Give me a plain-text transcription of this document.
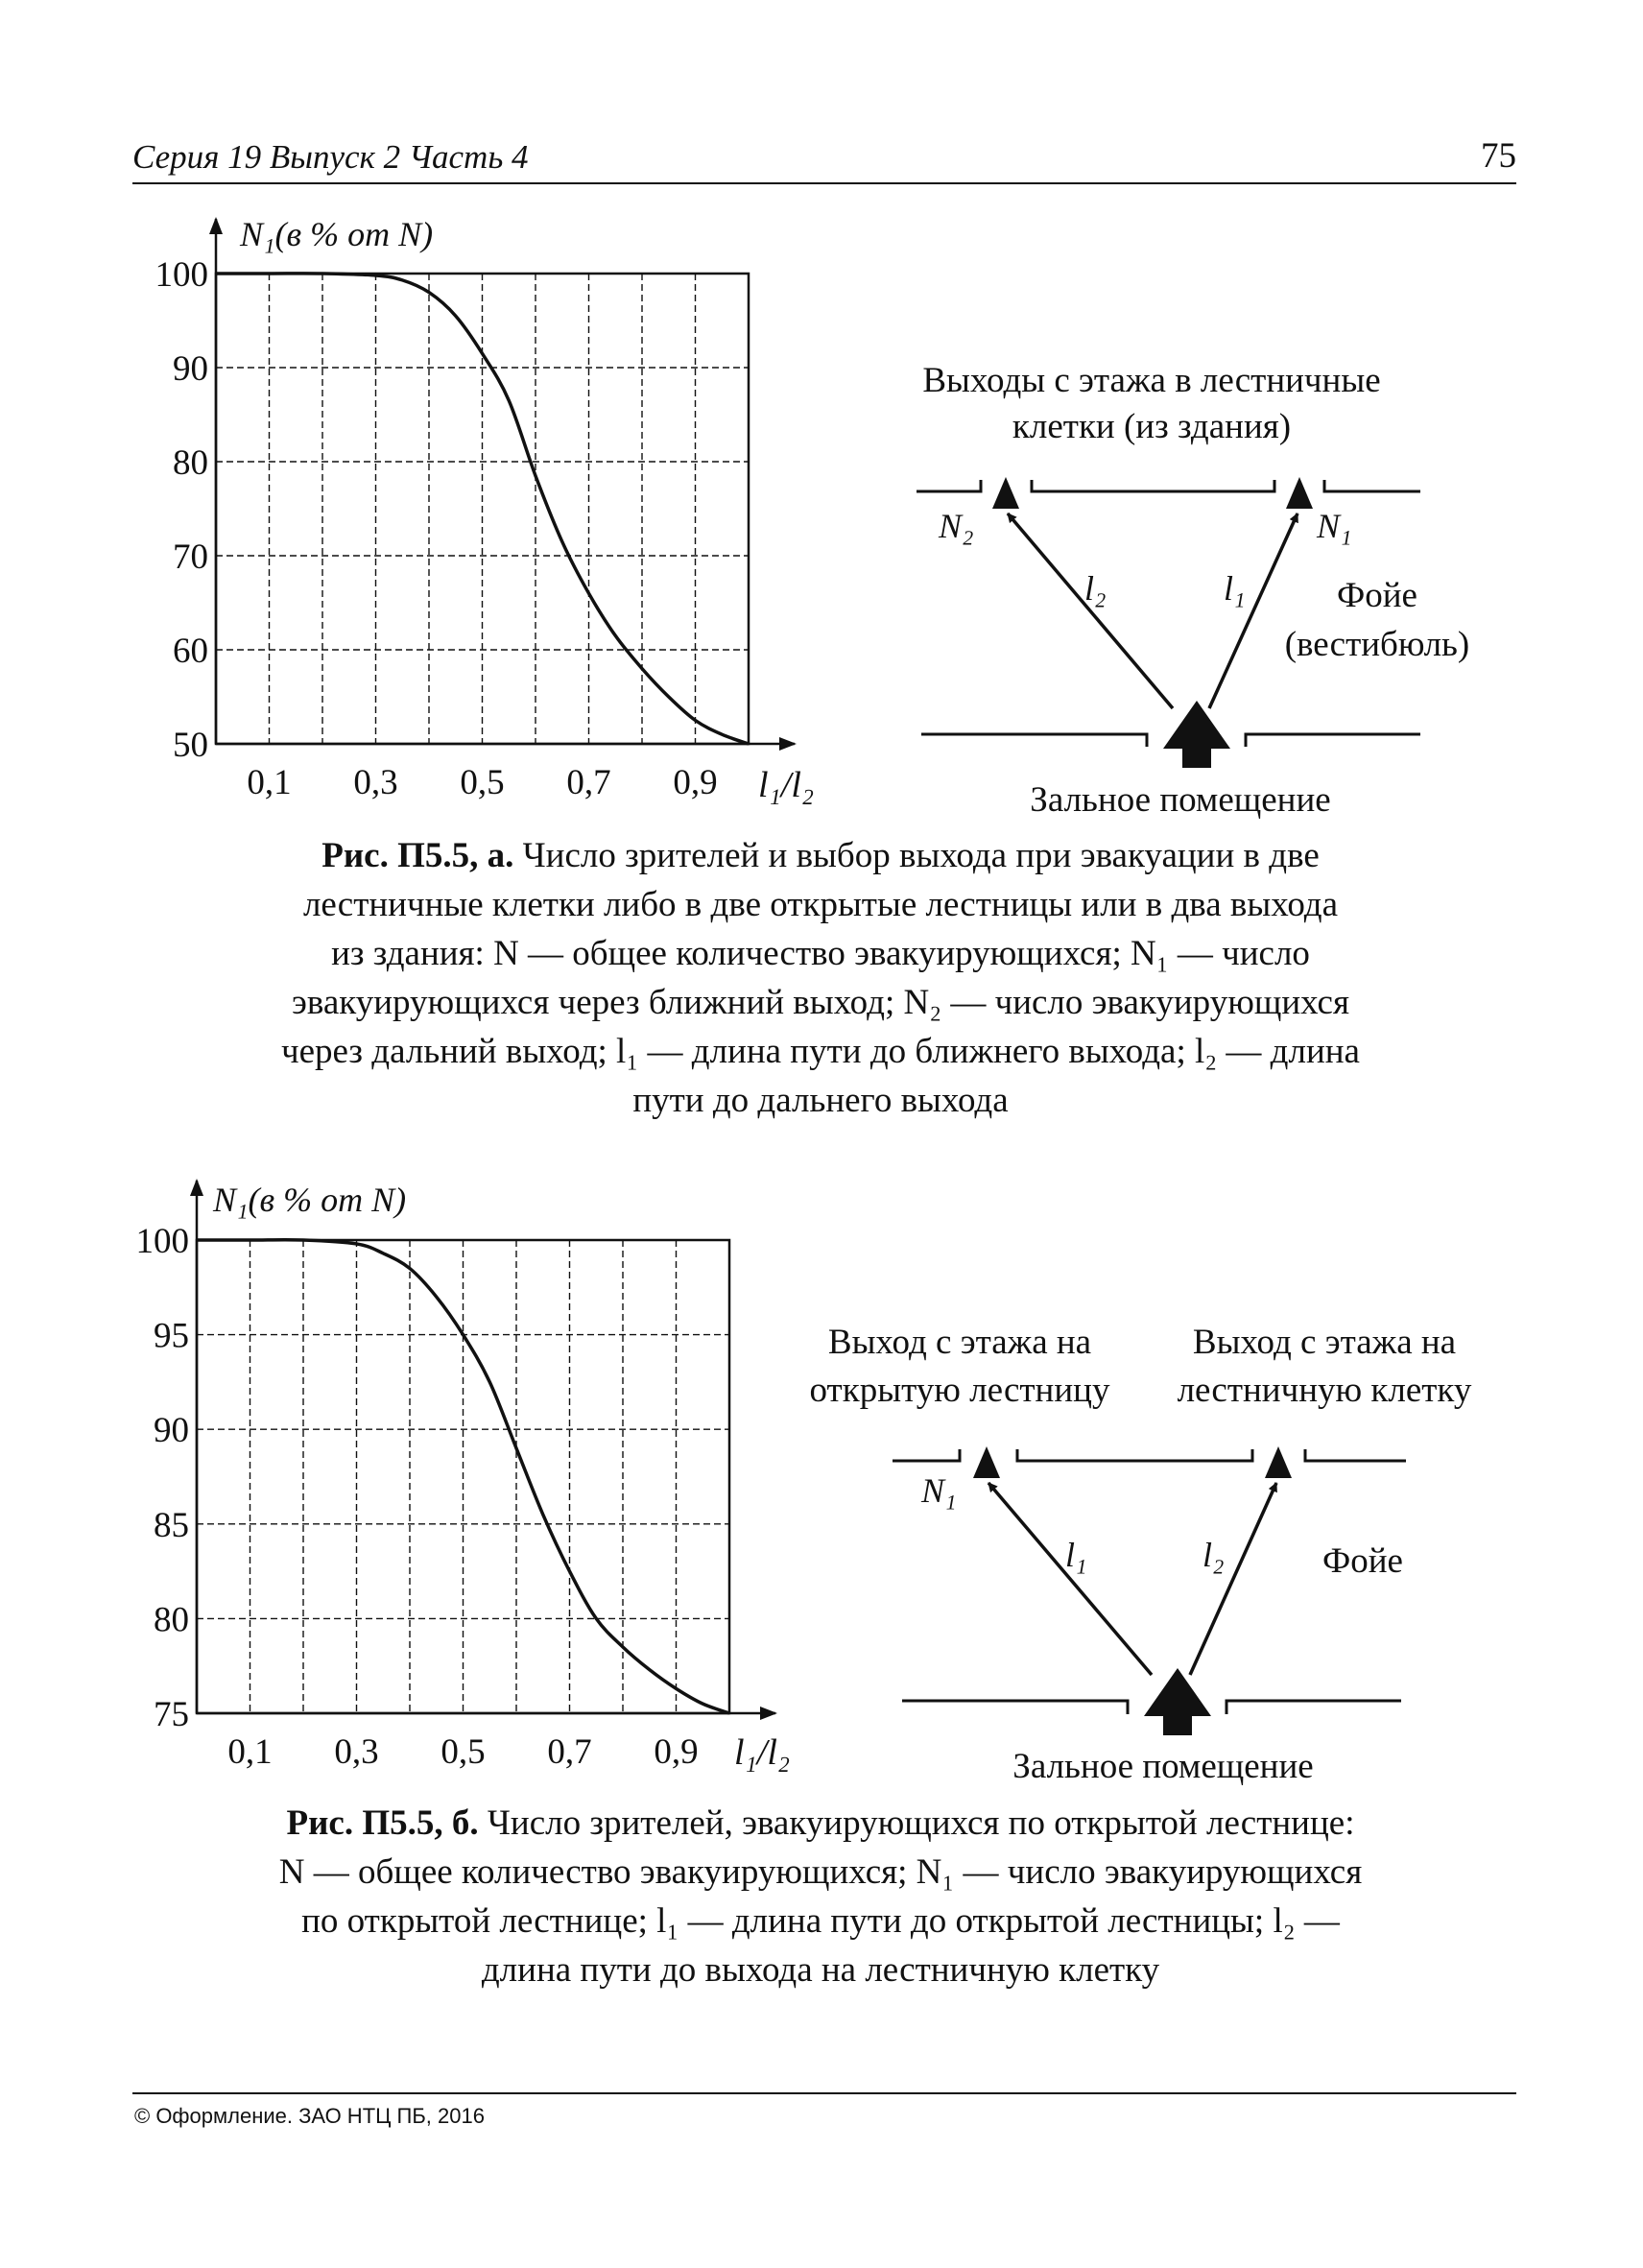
Серия 19 Выпуск 2 Часть 4	75
100
90
80
70
60
50
0,1 0,3 0,5 0,7 0,9
N₁(в % от N)
l₁/l₂
Выходы с этажа в лестничные
клетки (из здания)
N₂	N₁
l₂	l₁	Фойе
(вестибюль)
Зальное помещение
100
95
90
85
80
75
0,1 0,3 0,5 0,7 0,9
N₁(в % от N)
l₁/l₂
Выход с этажа на
открытую лестницу
Выход с этажа на
лестничную клетку
N₁
l₁	l₂	Фойе
Зальное помещение
Рис. П5.5, а. Число зрителей и выбор выхода при эвакуации в две
лестничные клетки либо в две открытые лестницы или в два выхода
из здания: N — общее количество эвакуирующихся; N₁ — число
эвакуирующихся через ближний выход; N₂ — число эвакуирующихся
через дальний выход; l₁ — длина пути до ближнего выхода; l₂ — длина
пути до дальнего выхода
Рис. П5.5, б. Число зрителей, эвакуирующихся по открытой лестнице:
N — общее количество эвакуирующихся; N₁ — число эвакуирующихся
по открытой лестнице; l₁ — длина пути до открытой лестницы; l₂ —
длина пути до выхода на лестничную клетку
© Оформление. ЗАО НТЦ ПБ, 2016
